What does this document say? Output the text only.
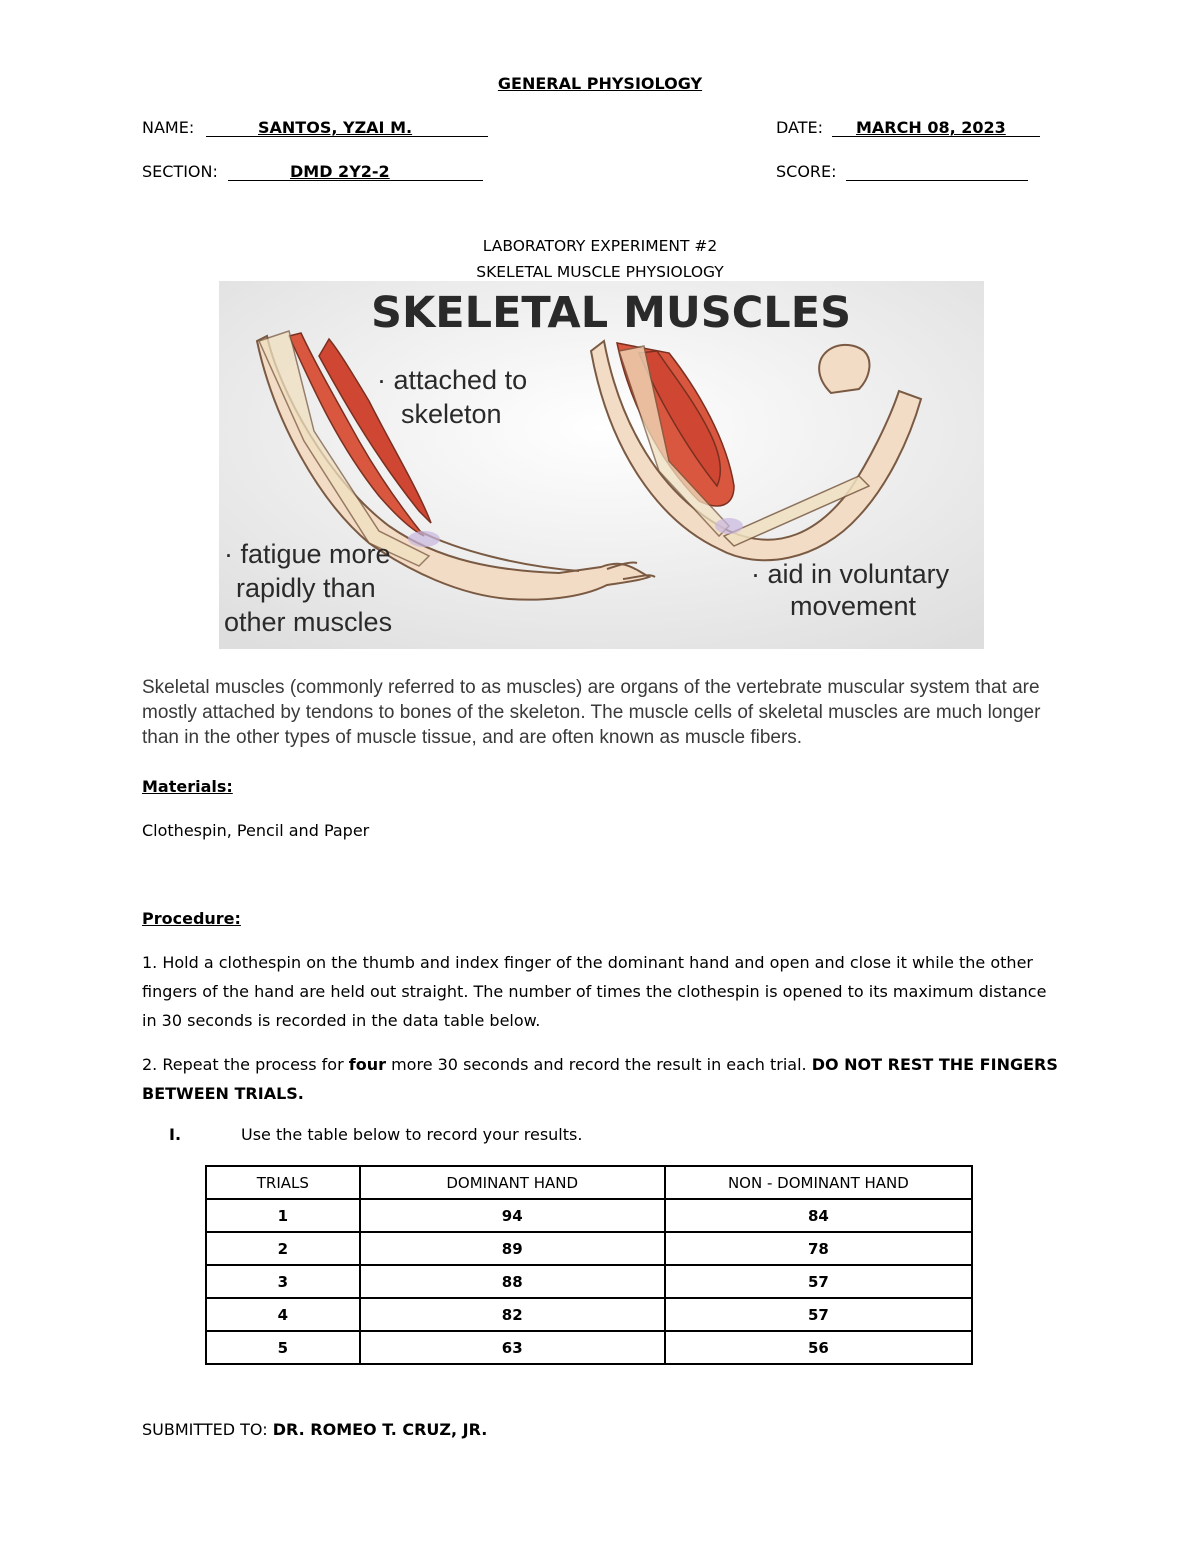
GENERAL PHYSIOLOGY
NAME:	SANTOS, YZAI M.	DATE: MARCH 08, 2023
SECTION:	DMD 2Y2-2	SCORE:
LABORATORY EXPERIMENT #2
SKELETAL MUSCLE PHYSIOLOGY
SKELETAL MUSCLES
· attached to
skeleton
· fatigue more
rapidly than
other muscles
· aid in voluntary
movement
Skeletal muscles (commonly referred to as muscles) are organs of the vertebrate muscular system that are mostly attached by tendons to bones of the skeleton. The muscle cells of skeletal muscles are much longer than in the other types of muscle tissue, and are often known as muscle fibers.
Materials:
Clothespin, Pencil and Paper
Procedure:
1. Hold a clothespin on the thumb and index finger of the dominant hand and open and close it while the other fingers of the hand are held out straight. The number of times the clothespin is opened to its maximum distance in 30 seconds is recorded in the data table below.
2. Repeat the process for four more 30 seconds and record the result in each trial. DO NOT REST THE FINGERS BETWEEN TRIALS.
I.	Use the table below to record your results.
TRIALS	DOMINANT HAND	NON - DOMINANT HAND
1	94	84
2	89	78
3	88	57
4	82	57
5	63	56
SUBMITTED TO: DR. ROMEO T. CRUZ, JR.
